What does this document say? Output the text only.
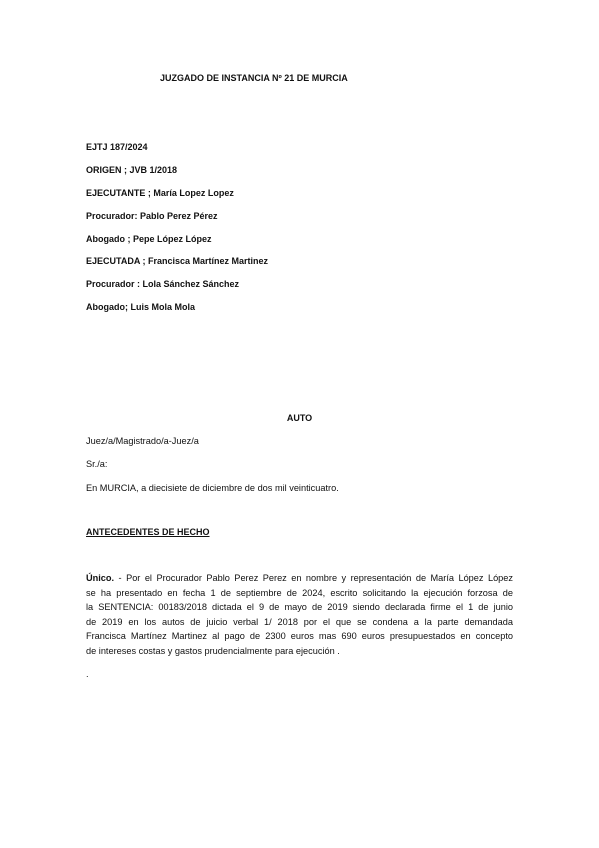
JUZGADO DE INSTANCIA Nº 21 DE MURCIA
EJTJ 187/2024
ORIGEN ; JVB 1/2018
EJECUTANTE ; María Lopez Lopez
Procurador: Pablo Perez Pérez
Abogado ; Pepe López López
EJECUTADA ; Francisca Martínez Martinez
Procurador : Lola Sánchez Sánchez
Abogado; Luis Mola Mola
AUTO
Juez/a/Magistrado/a-Juez/a
Sr./a:
En MURCIA, a diecisiete de diciembre de dos mil veinticuatro.
ANTECEDENTES DE HECHO
Único. - Por el Procurador Pablo Perez Perez en nombre y representación de María López López
se ha presentado en fecha 1 de septiembre de 2024, escrito solicitando la ejecución forzosa de
la SENTENCIA: 00183/2018 dictada el 9 de mayo de 2019 siendo declarada firme el 1 de junio
de 2019 en los autos de juicio verbal 1/ 2018 por el que se condena a la parte demandada
Francisca Martínez Martinez al pago de 2300 euros mas 690 euros presupuestados en concepto
de intereses costas y gastos prudencialmente para ejecución .
.
